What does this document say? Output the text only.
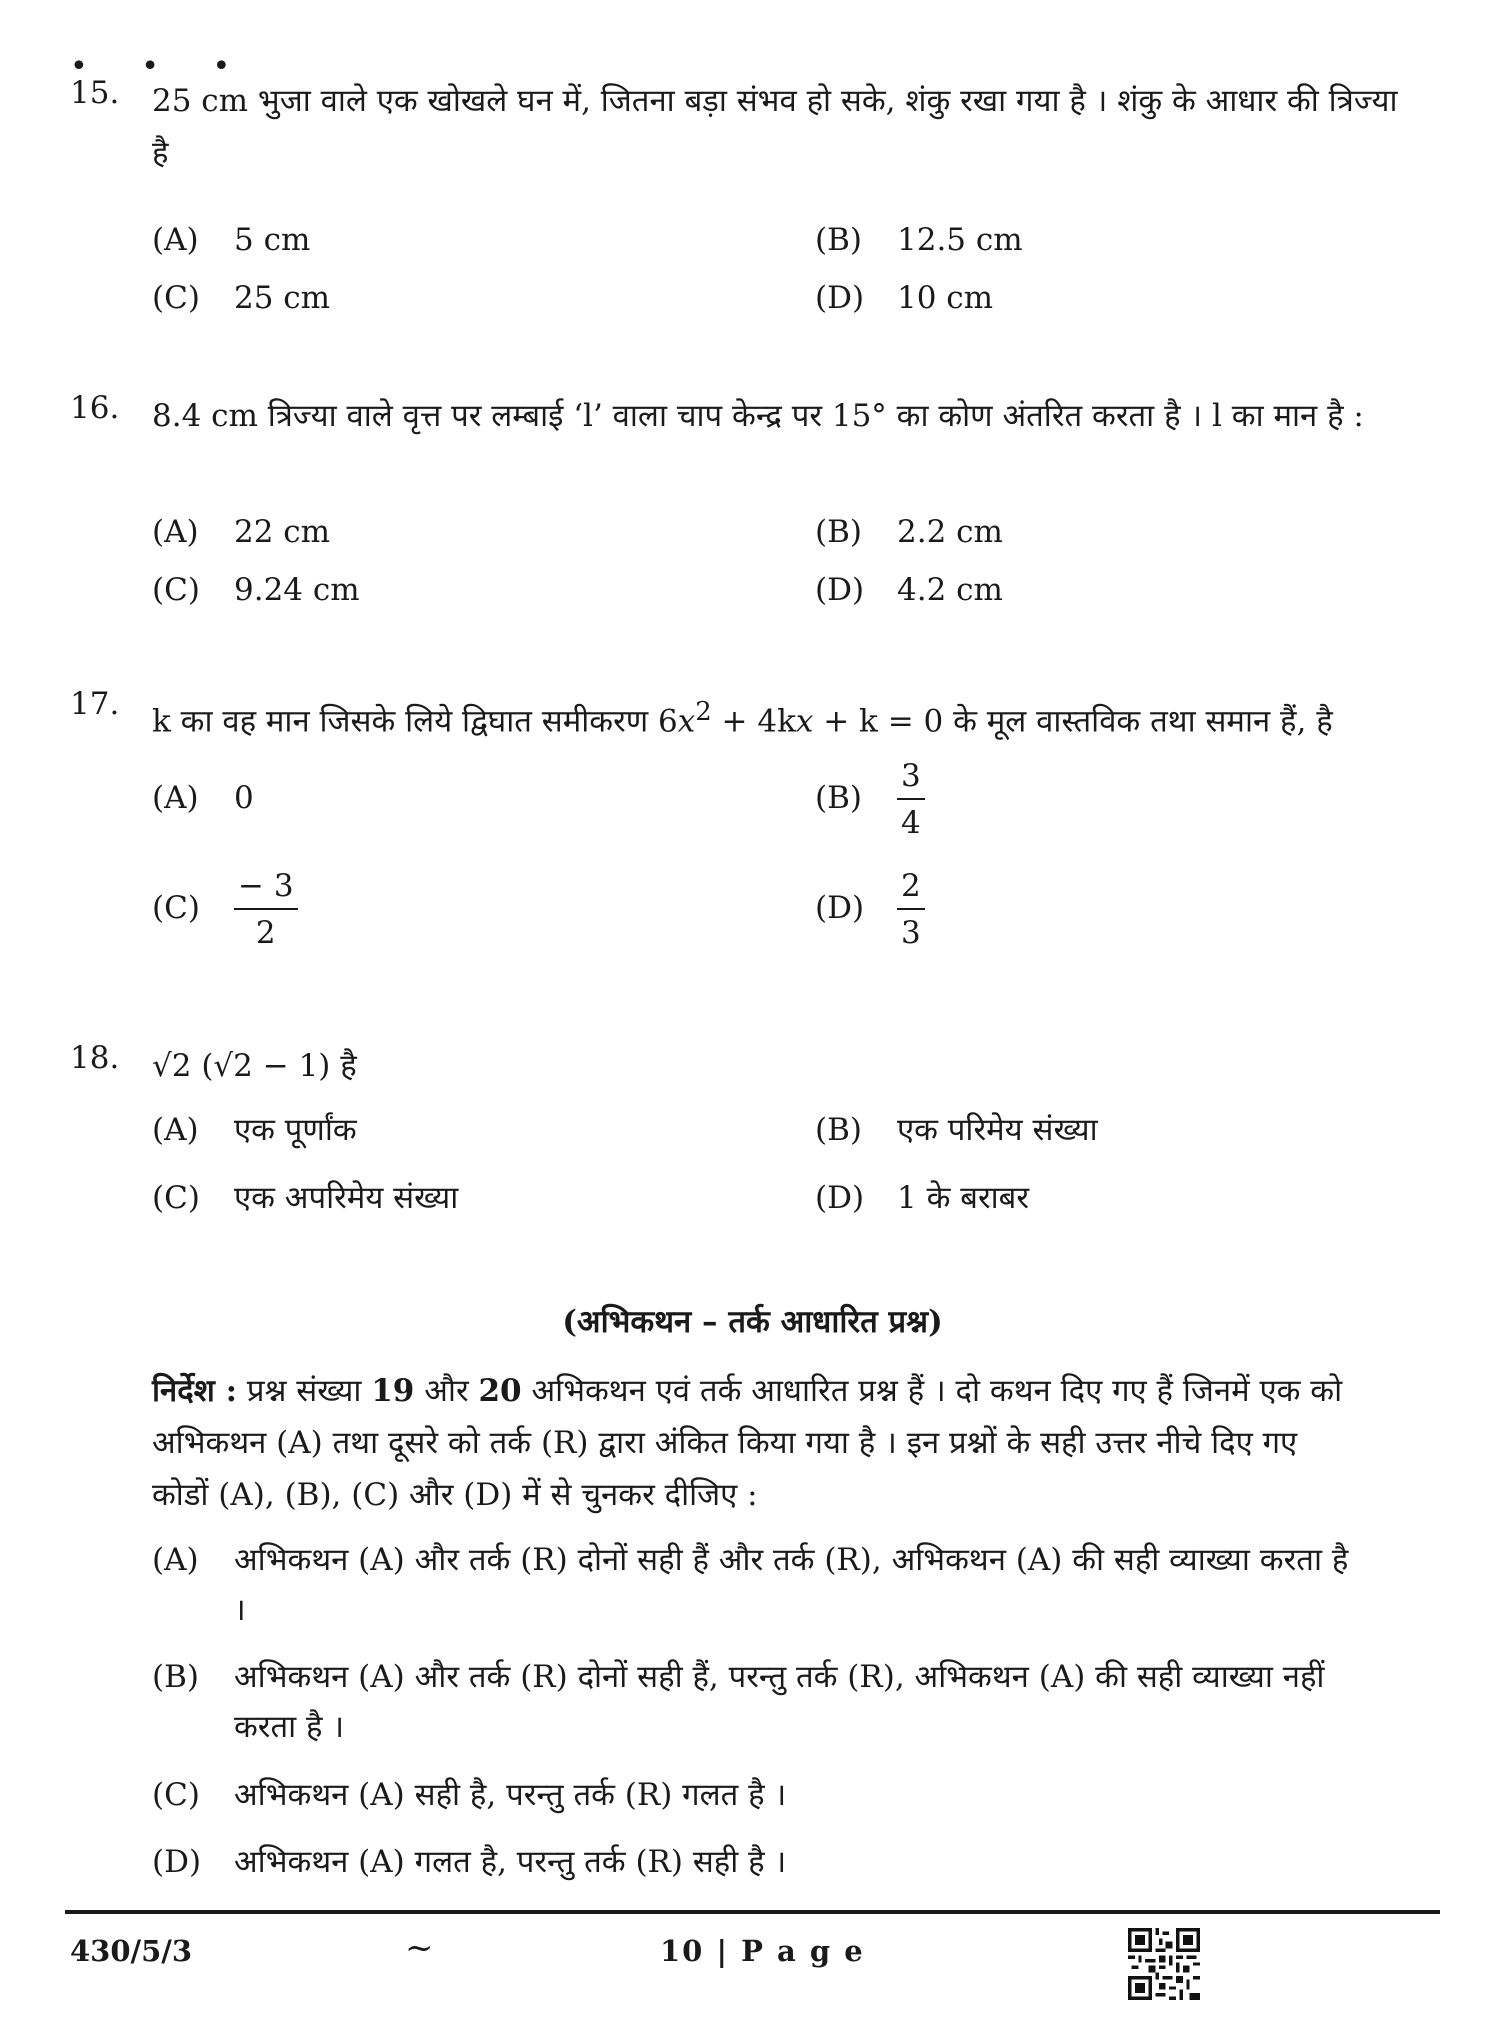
• • •
15. 25 cm भुजा वाले एक खोखले घन में, जितना बड़ा संभव हो सके, शंकु रखा गया है । शंकु के आधार की त्रिज्या है
(A) 5 cm	(B) 12.5 cm
(C) 25 cm	(D) 10 cm
16. 8.4 cm त्रिज्या वाले वृत्त पर लम्बाई ‘l’ वाला चाप केन्द्र पर 15° का कोण अंतरित करता है । l का मान है :
(A) 22 cm	(B) 2.2 cm
(C) 9.24 cm	(D) 4.2 cm
17. k का वह मान जिसके लिये द्विघात समीकरण $6x^2 + 4kx + k = 0$ के मूल वास्तविक तथा समान हैं, है
(A) 0	$(B) \frac{3}{4}$
$(C) \frac{- 3}{2}$	$(D) \frac{2}{3}$
18. √2 (√2 − 1) है
(A) एक पूर्णांक	(B) एक परिमेय संख्या
(C) एक अपरिमेय संख्या	(D) 1 के बराबर
(अभिकथन – तर्क आधारित प्रश्न)
निर्देश : प्रश्न संख्या 19 और 20 अभिकथन एवं तर्क आधारित प्रश्न हैं । दो कथन दिए गए हैं जिनमें एक को अभिकथन (A) तथा दूसरे को तर्क (R) द्वारा अंकित किया गया है । इन प्रश्नों के सही उत्तर नीचे दिए गए कोडों (A), (B), (C) और (D) में से चुनकर दीजिए :
(A) अभिकथन (A) और तर्क (R) दोनों सही हैं और तर्क (R), अभिकथन (A) की सही व्याख्या करता है ।
(B) अभिकथन (A) और तर्क (R) दोनों सही हैं, परन्तु तर्क (R), अभिकथन (A) की सही व्याख्या नहीं करता है ।
(C) अभिकथन (A) सही है, परन्तु तर्क (R) गलत है ।
(D) अभिकथन (A) गलत है, परन्तु तर्क (R) सही है ।
430/5/3	~	10 | P a g e
